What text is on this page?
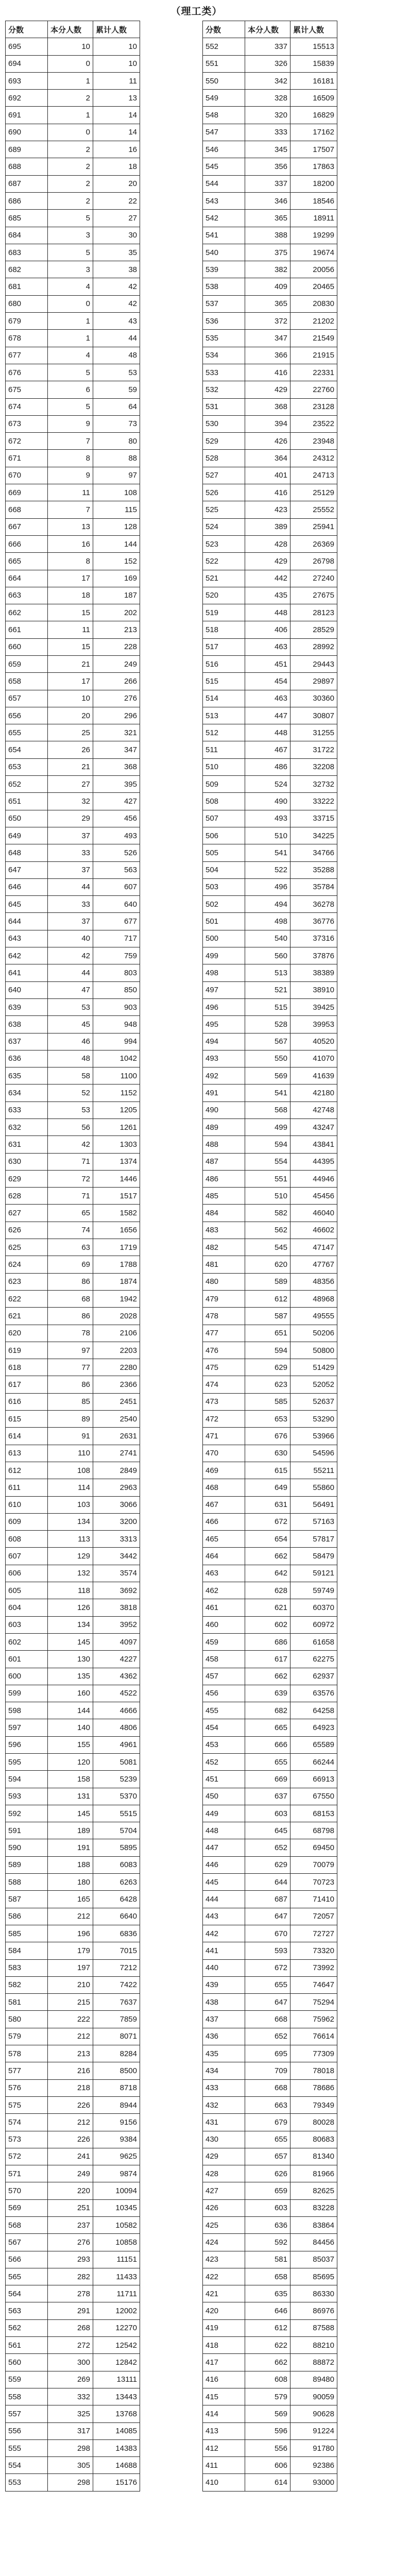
（理工类）
分数	本分人数	累计人数
695	10	10
694	0	10
693	1	11
692	2	13
691	1	14
690	0	14
689	2	16
688	2	18
687	2	20
686	2	22
685	5	27
684	3	30
683	5	35
682	3	38
681	4	42
680	0	42
679	1	43
678	1	44
677	4	48
676	5	53
675	6	59
674	5	64
673	9	73
672	7	80
671	8	88
670	9	97
669	11	108
668	7	115
667	13	128
666	16	144
665	8	152
664	17	169
663	18	187
662	15	202
661	11	213
660	15	228
659	21	249
658	17	266
657	10	276
656	20	296
655	25	321
654	26	347
653	21	368
652	27	395
651	32	427
650	29	456
649	37	493
648	33	526
647	37	563
646	44	607
645	33	640
644	37	677
643	40	717
642	42	759
641	44	803
640	47	850
639	53	903
638	45	948
637	46	994
636	48	1042
635	58	1100
634	52	1152
633	53	1205
632	56	1261
631	42	1303
630	71	1374
629	72	1446
628	71	1517
627	65	1582
626	74	1656
625	63	1719
624	69	1788
623	86	1874
622	68	1942
621	86	2028
620	78	2106
619	97	2203
618	77	2280
617	86	2366
616	85	2451
615	89	2540
614	91	2631
613	110	2741
612	108	2849
611	114	2963
610	103	3066
609	134	3200
608	113	3313
607	129	3442
606	132	3574
605	118	3692
604	126	3818
603	134	3952
602	145	4097
601	130	4227
600	135	4362
599	160	4522
598	144	4666
597	140	4806
596	155	4961
595	120	5081
594	158	5239
593	131	5370
592	145	5515
591	189	5704
590	191	5895
589	188	6083
588	180	6263
587	165	6428
586	212	6640
585	196	6836
584	179	7015
583	197	7212
582	210	7422
581	215	7637
580	222	7859
579	212	8071
578	213	8284
577	216	8500
576	218	8718
575	226	8944
574	212	9156
573	226	9384
572	241	9625
571	249	9874
570	220	10094
569	251	10345
568	237	10582
567	276	10858
566	293	11151
565	282	11433
564	278	11711
563	291	12002
562	268	12270
561	272	12542
560	300	12842
559	269	13111
558	332	13443
557	325	13768
556	317	14085
555	298	14383
554	305	14688
553	298	15176
分数	本分人数	累计人数
552	337	15513
551	326	15839
550	342	16181
549	328	16509
548	320	16829
547	333	17162
546	345	17507
545	356	17863
544	337	18200
543	346	18546
542	365	18911
541	388	19299
540	375	19674
539	382	20056
538	409	20465
537	365	20830
536	372	21202
535	347	21549
534	366	21915
533	416	22331
532	429	22760
531	368	23128
530	394	23522
529	426	23948
528	364	24312
527	401	24713
526	416	25129
525	423	25552
524	389	25941
523	428	26369
522	429	26798
521	442	27240
520	435	27675
519	448	28123
518	406	28529
517	463	28992
516	451	29443
515	454	29897
514	463	30360
513	447	30807
512	448	31255
511	467	31722
510	486	32208
509	524	32732
508	490	33222
507	493	33715
506	510	34225
505	541	34766
504	522	35288
503	496	35784
502	494	36278
501	498	36776
500	540	37316
499	560	37876
498	513	38389
497	521	38910
496	515	39425
495	528	39953
494	567	40520
493	550	41070
492	569	41639
491	541	42180
490	568	42748
489	499	43247
488	594	43841
487	554	44395
486	551	44946
485	510	45456
484	582	46040
483	562	46602
482	545	47147
481	620	47767
480	589	48356
479	612	48968
478	587	49555
477	651	50206
476	594	50800
475	629	51429
474	623	52052
473	585	52637
472	653	53290
471	676	53966
470	630	54596
469	615	55211
468	649	55860
467	631	56491
466	672	57163
465	654	57817
464	662	58479
463	642	59121
462	628	59749
461	621	60370
460	602	60972
459	686	61658
458	617	62275
457	662	62937
456	639	63576
455	682	64258
454	665	64923
453	666	65589
452	655	66244
451	669	66913
450	637	67550
449	603	68153
448	645	68798
447	652	69450
446	629	70079
445	644	70723
444	687	71410
443	647	72057
442	670	72727
441	593	73320
440	672	73992
439	655	74647
438	647	75294
437	668	75962
436	652	76614
435	695	77309
434	709	78018
433	668	78686
432	663	79349
431	679	80028
430	655	80683
429	657	81340
428	626	81966
427	659	82625
426	603	83228
425	636	83864
424	592	84456
423	581	85037
422	658	85695
421	635	86330
420	646	86976
419	612	87588
418	622	88210
417	662	88872
416	608	89480
415	579	90059
414	569	90628
413	596	91224
412	556	91780
411	606	92386
410	614	93000
